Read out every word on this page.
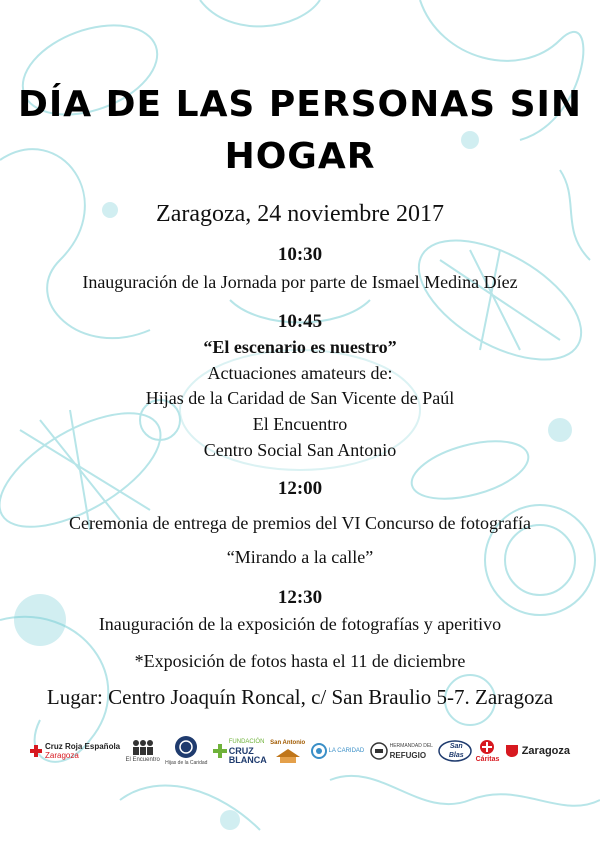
DÍA DE LAS PERSONAS SIN
HOGAR
Zaragoza, 24 noviembre 2017
10:30
Inauguración de la Jornada por parte de Ismael Medina Díez
10:45
“El escenario es nuestro”
Actuaciones amateurs de:
Hijas de la Caridad de San Vicente de Paúl
El Encuentro
Centro Social San Antonio
12:00
Ceremonia de entrega de premios del VI Concurso de fotografía
“Mirando a la calle”
12:30
Inauguración de la exposición de fotografías y aperitivo
*Exposición de fotos hasta el 11 de diciembre
Lugar: Centro Joaquín Roncal, c/ San Braulio 5-7. Zaragoza
Cruz Roja Española
Zaragoza	El Encuentro Hijas de la Caridad
FUNDACIÓN
CRUZ BLANCA
San Antonio
LA CARIDAD
HERMANDAD DEL
REFUGIO
San Blas	Cáritas
Zaragoza
